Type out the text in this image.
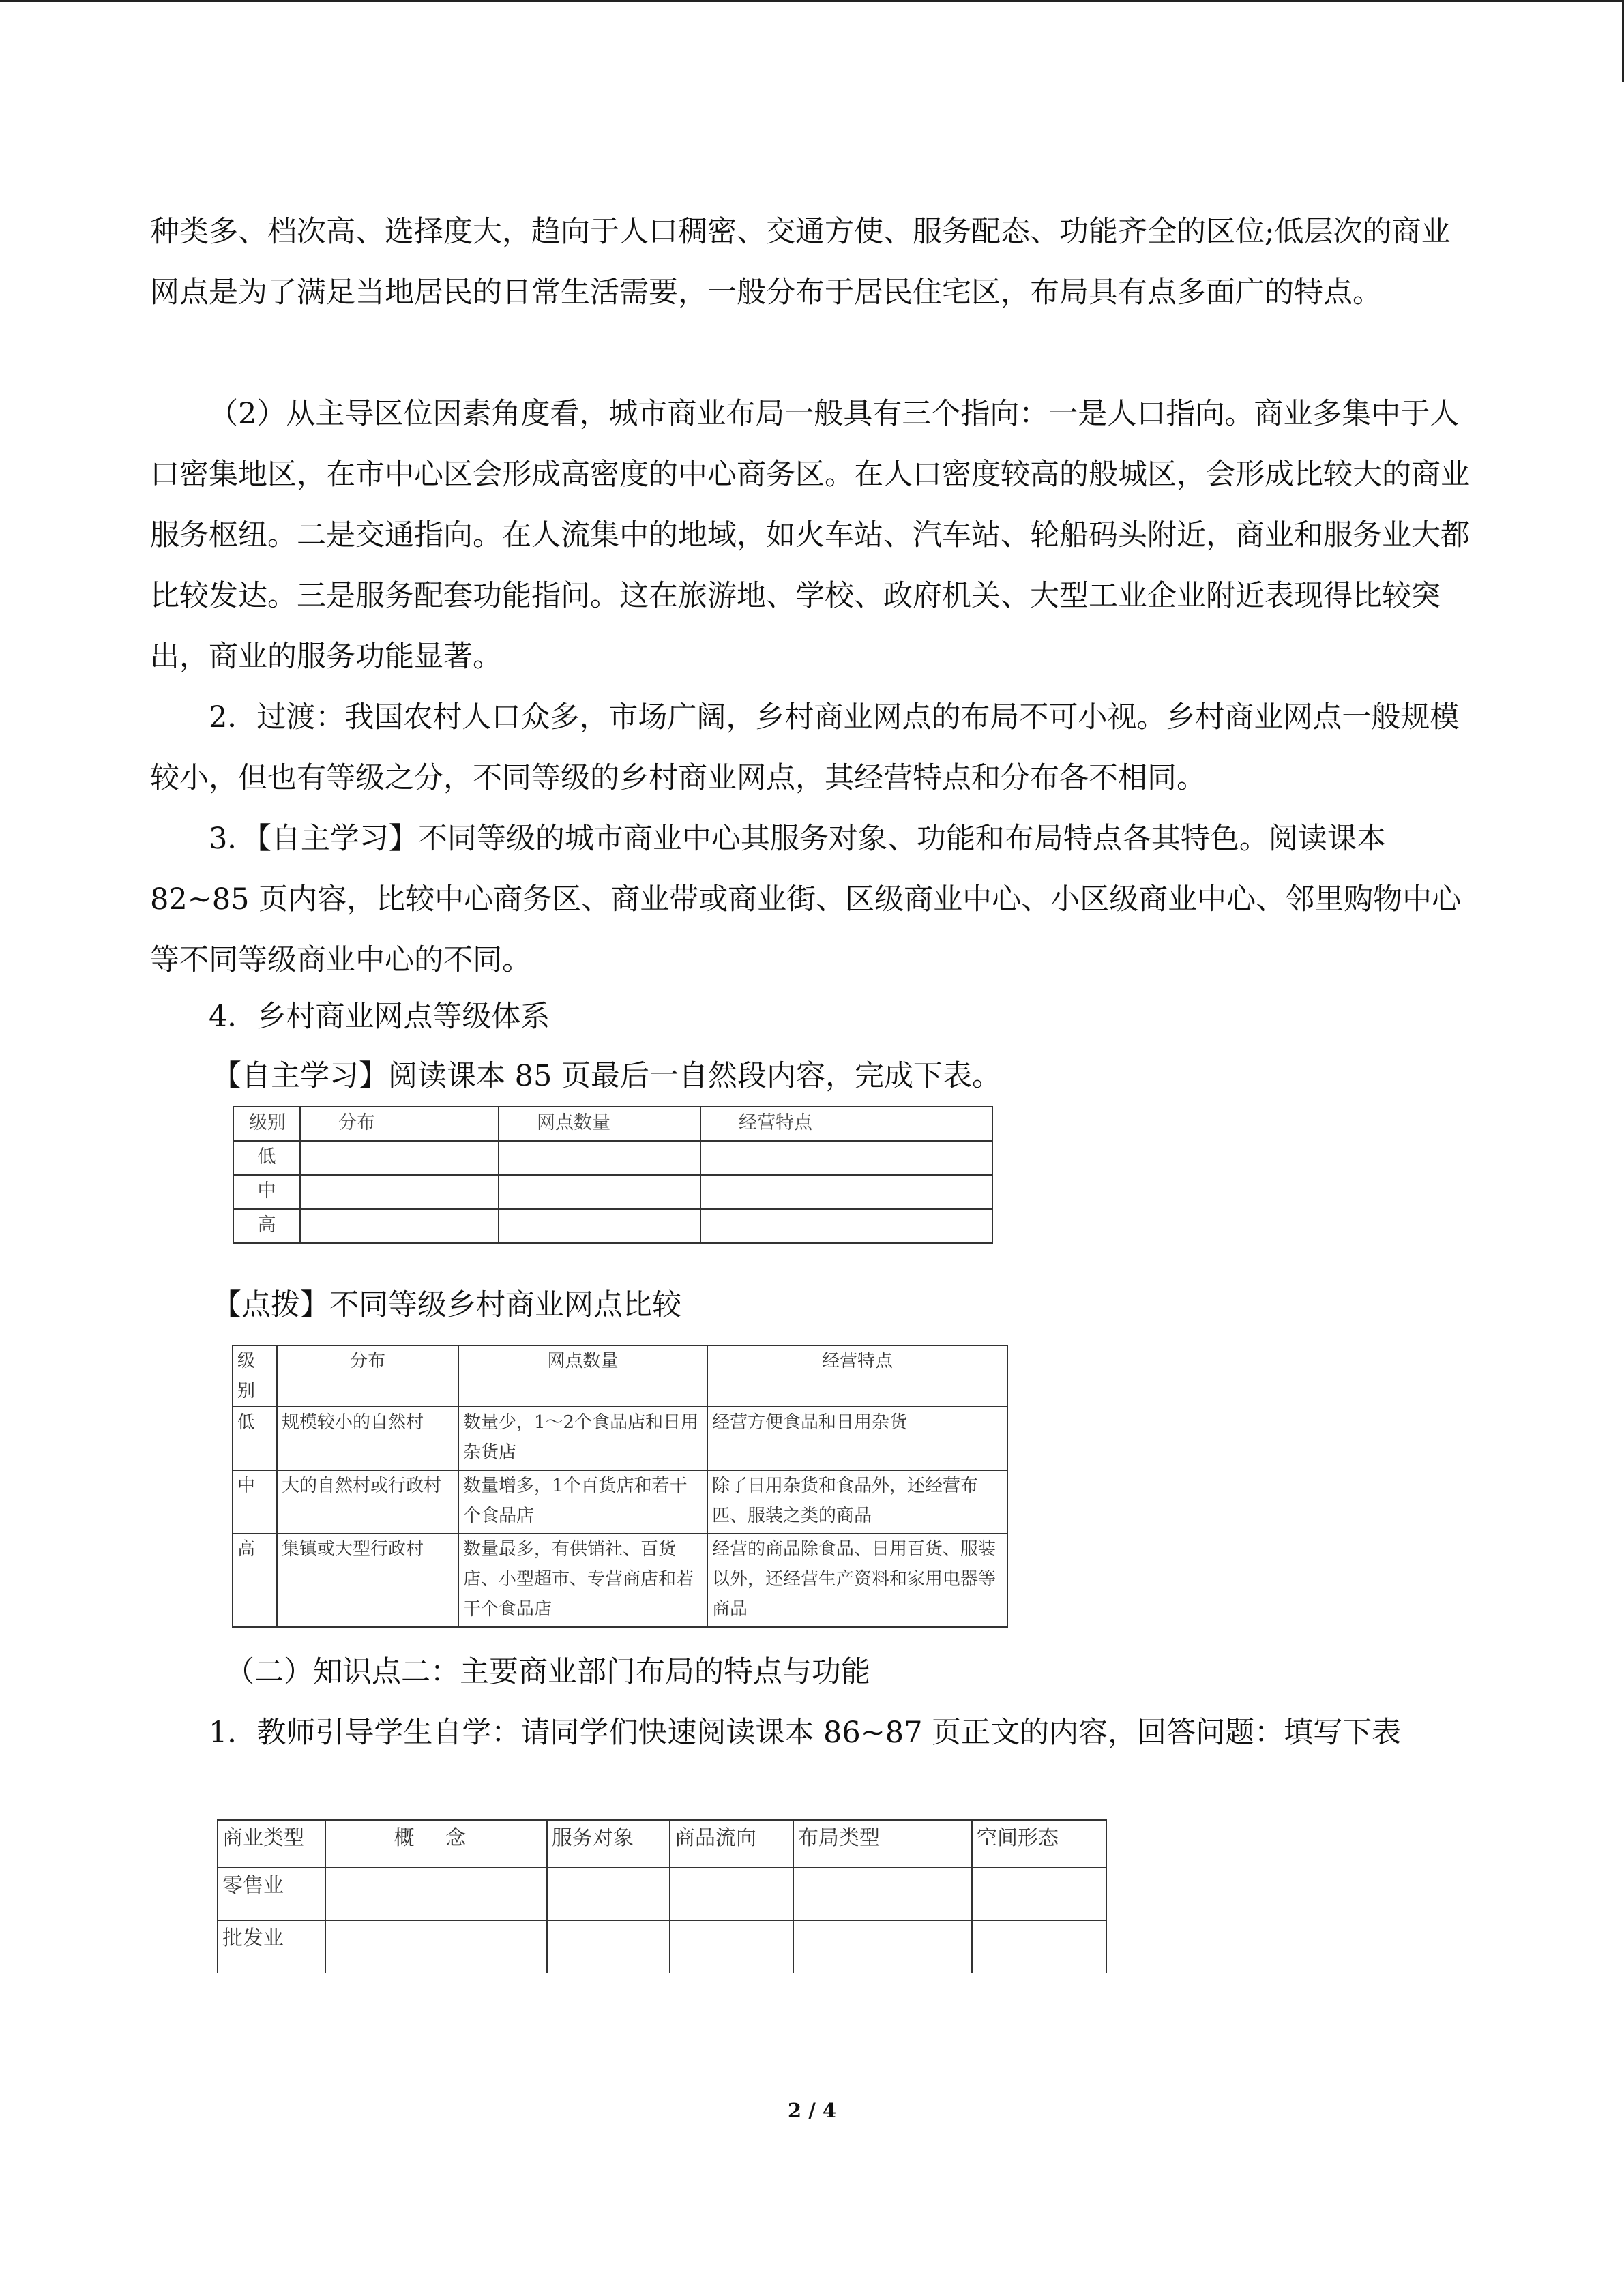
种类多、档次高、选择度大，趋向于人口稠密、交通方使、服务配态、功能齐全的区位;低层次的商业网点是为了满足当地居民的日常生活需要，一般分布于居民住宅区，布局具有点多面广的特点。

（2）从主导区位因素角度看，城市商业布局一般具有三个指向：一是人口指向。商业多集中于人口密集地区，在市中心区会形成高密度的中心商务区。在人口密度较高的般城区，会形成比较大的商业服务枢纽。二是交通指向。在人流集中的地域，如火车站、汽车站、轮船码头附近，商业和服务业大都比较发达。三是服务配套功能指问。这在旅游地、学校、政府机关、大型工业企业附近表现得比较突出，商业的服务功能显著。

2．过渡：我国农村人口众多，市场广阔，乡村商业网点的布局不可小视。乡村商业网点一般规模较小，但也有等级之分，不同等级的乡村商业网点，其经营特点和分布各不相同。

3．【自主学习】不同等级的城市商业中心其服务对象、功能和布局特点各其特色。阅读课本 82~85 页内容，比较中心商务区、商业带或商业街、区级商业中心、小区级商业中心、邻里购物中心等不同等级商业中心的不同。

4．乡村商业网点等级体系

【自主学习】阅读课本 85 页最后一自然段内容，完成下表。

级别	分布	网点数量	经营特点
低			
中			
高			

【点拨】不同等级乡村商业网点比较

级别	分布	网点数量	经营特点
低	规模较小的自然村	数量少，1～2个食品店和日用杂货店	经营方便食品和日用杂货
中	大的自然村或行政村	数量增多，1个百货店和若干个食品店	除了日用杂货和食品外，还经营布匹、服装之类的商品
高	集镇或大型行政村	数量最多，有供销社、百货店、小型超市、专营商店和若干个食品店	经营的商品除食品、日用百货、服装以外，还经营生产资料和家用电器等商品

（二）知识点二：主要商业部门布局的特点与功能

1．教师引导学生自学：请同学们快速阅读课本 86~87 页正文的内容，回答问题：填写下表

商业类型	概 念	服务对象	商品流向	布局类型	空间形态
零售业					
批发业					
2 / 4
